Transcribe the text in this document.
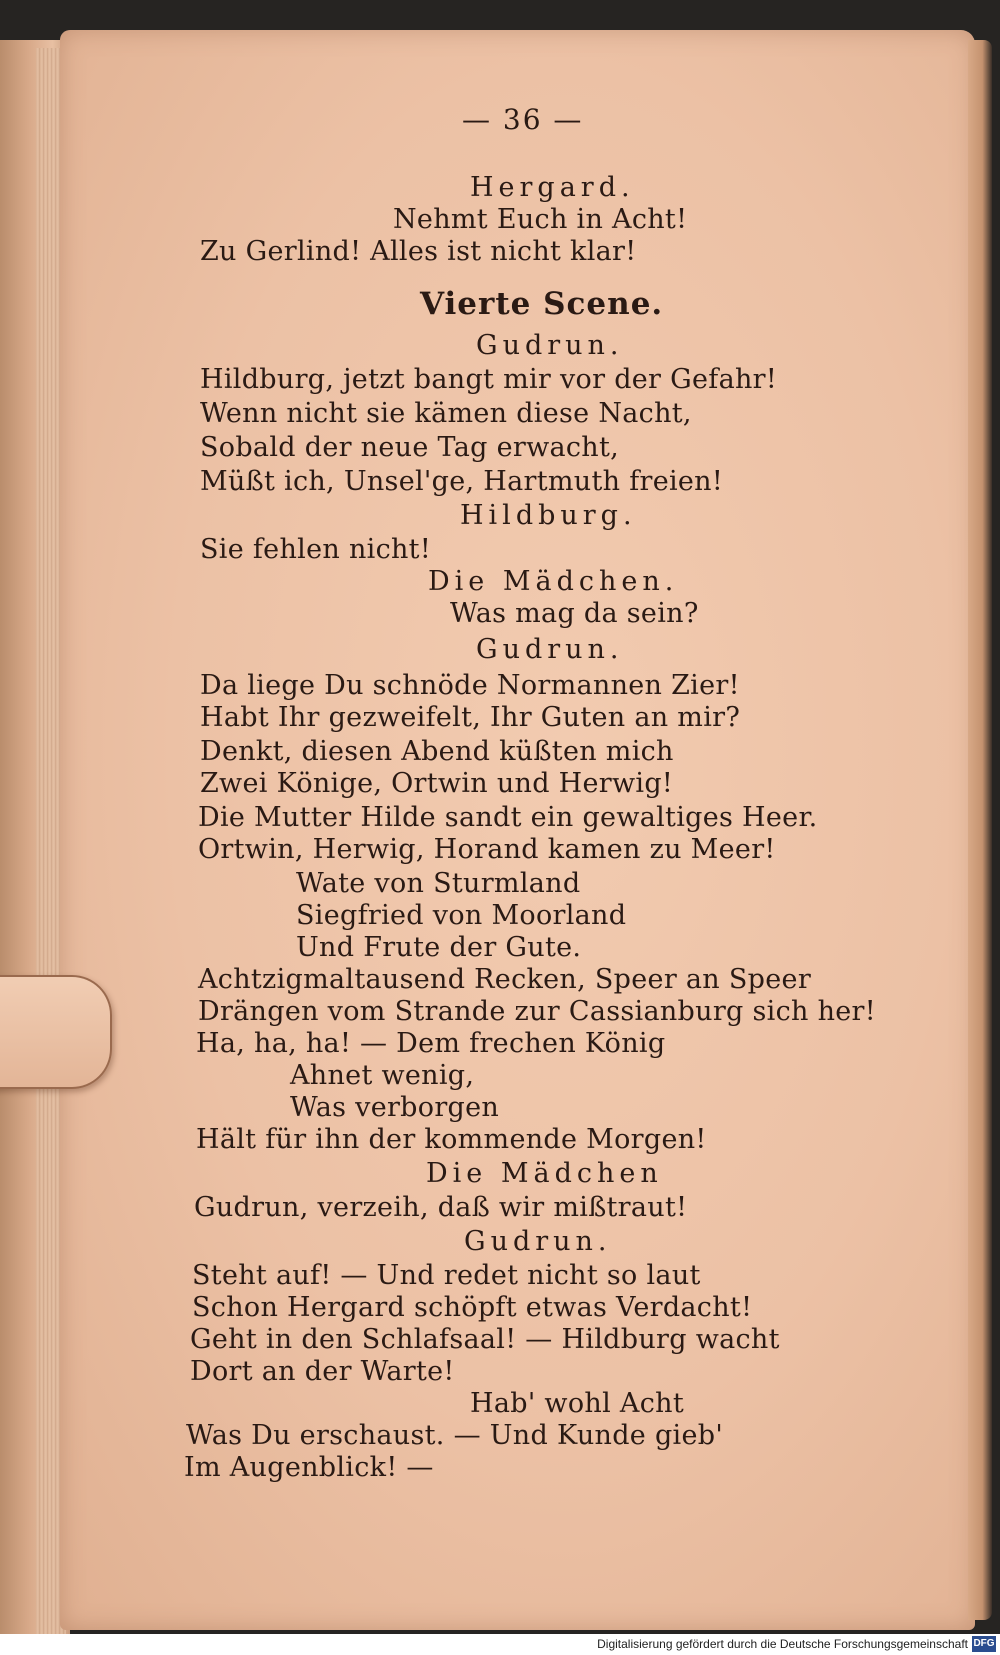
— 36 —
Hergard.
Nehmt Euch in Acht!
Zu Gerlind! Alles ist nicht klar!
Vierte Scene.
Gudrun.
Hildburg, jetzt bangt mir vor der Gefahr!
Wenn nicht sie kämen diese Nacht,
Sobald der neue Tag erwacht,
Müßt ich, Unsel'ge, Hartmuth freien!
Hildburg.
Sie fehlen nicht!
Die Mädchen.
Was mag da sein?
Gudrun.
Da liege Du schnöde Normannen Zier!
Habt Ihr gezweifelt, Ihr Guten an mir?
Denkt, diesen Abend küßten mich
Zwei Könige, Ortwin und Herwig!
Die Mutter Hilde sandt ein gewaltiges Heer.
Ortwin, Herwig, Horand kamen zu Meer!
Wate von Sturmland
Siegfried von Moorland
Und Frute der Gute.
Achtzigmaltausend Recken, Speer an Speer
Drängen vom Strande zur Cassianburg sich her!
Ha, ha, ha! — Dem frechen König
Ahnet wenig,
Was verborgen
Hält für ihn der kommende Morgen!
Die Mädchen
Gudrun, verzeih, daß wir mißtraut!
Gudrun.
Steht auf! — Und redet nicht so laut
Schon Hergard schöpft etwas Verdacht!
Geht in den Schlafsaal! — Hildburg wacht
Dort an der Warte!
Hab' wohl Acht
Was Du erschaust. — Und Kunde gieb'
Im Augenblick! —
Digitalisierung gefördert durch die Deutsche Forschungsgemeinschaft DFG
